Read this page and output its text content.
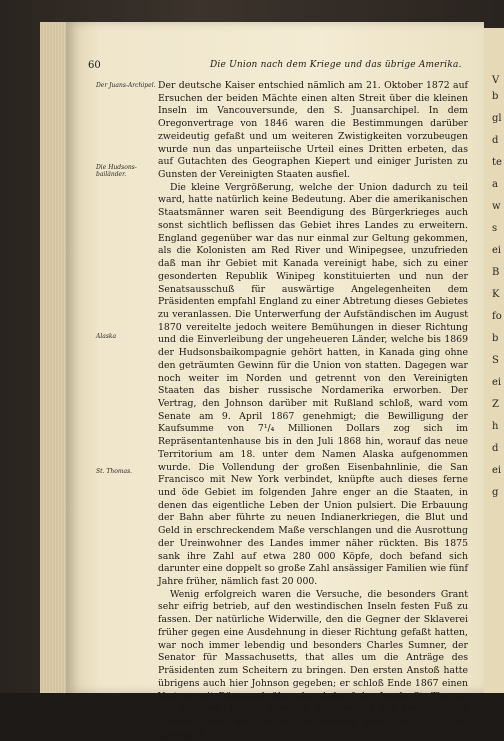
V
b
gl
d
te
a
w
s
ei
B
K
fo
b
S
ei
Z
h
d
ei
g
60	Die Union nach dem Kriege und das übrige Amerika.
Der Juans-Archipel.
Die Hudsons-bailänder.
Alaska
St. Thomas.

Der deutsche Kaiser entschied nämlich am 21. Oktober 1872 auf Ersuchen der beiden Mächte einen alten Streit über die kleinen Inseln im Vancouversunde, den S. Juansarchipel. In dem Oregonvertrage von 1846 waren die Bestimmungen darüber zweideutig gefaßt und um weiteren Zwistigkeiten vorzubeugen wurde nun das unparteiische Urteil eines Dritten erbeten, das auf Gutachten des Geographen Kiepert und einiger Juristen zu Gunsten der Vereinigten Staaten ausfiel.

Die kleine Vergrößerung, welche der Union dadurch zu teil ward, hatte natürlich keine Bedeutung. Aber die amerikanischen Staatsmänner waren seit Beendigung des Bürgerkrieges auch sonst sichtlich beflissen das Gebiet ihres Landes zu erweitern. England gegenüber war das nur einmal zur Geltung gekommen, als die Kolonisten am Red River und Winipegsee, unzufrieden daß man ihr Gebiet mit Kanada vereinigt habe, sich zu einer gesonderten Republik Winipeg konstituierten und nun der Senatsausschuß für auswärtige Angelegenheiten dem Präsidenten empfahl England zu einer Abtretung dieses Gebietes zu veranlassen. Die Unterwerfung der Aufständischen im August 1870 vereitelte jedoch weitere Bemühungen in dieser Richtung und die Einverleibung der ungeheueren Länder, welche bis 1869 der Hudsonsbaikompagnie gehört hatten, in Kanada ging ohne den geträumten Gewinn für die Union von statten. Dagegen war noch weiter im Norden und getrennt von den Vereinigten Staaten das bisher russische Nordamerika erworben. Der Vertrag, den Johnson darüber mit Rußland schloß, ward vom Senate am 9. April 1867 genehmigt; die Bewilligung der Kaufsumme von 7¹/₄ Millionen Dollars zog sich im Repräsentantenhause bis in den Juli 1868 hin, worauf das neue Territorium am 18. unter dem Namen Alaska aufgenommen wurde. Die Vollendung der großen Eisenbahnlinie, die San Francisco mit New York verbindet, knüpfte auch dieses ferne und öde Gebiet im folgenden Jahre enger an die Staaten, in denen das eigentliche Leben der Union pulsiert. Die Erbauung der Bahn aber führte zu neuen Indianerkriegen, die Blut und Geld in erschreckendem Maße verschlangen und die Ausrottung der Ureinwohner des Landes immer näher rückten. Bis 1875 sank ihre Zahl auf etwa 280 000 Köpfe, doch befand sich darunter eine doppelt so große Zahl ansässiger Familien wie fünf Jahre früher, nämlich fast 20 000.

Wenig erfolgreich waren die Versuche, die besonders Grant sehr eifrig betrieb, auf den westindischen Inseln festen Fuß zu fassen. Der natürliche Widerwille, den die Gegner der Sklaverei früher gegen eine Ausdehnung in dieser Richtung gefaßt hatten, war noch immer lebendig und besonders Charles Sumner, der Senator für Massachusetts, that alles um die Anträge des Präsidenten zum Scheitern zu bringen. Den ersten Anstoß hatte übrigens auch hier Johnson gegeben; er schloß Ende 1867 einen Vertrag mit Dänemark über den Ankauf der Inseln St. Thomas und St. Juan, konnte aber die Zustimmung des Senates nicht erhalten, und der einmal gescheiterte Plan kam trotz der günstigen
